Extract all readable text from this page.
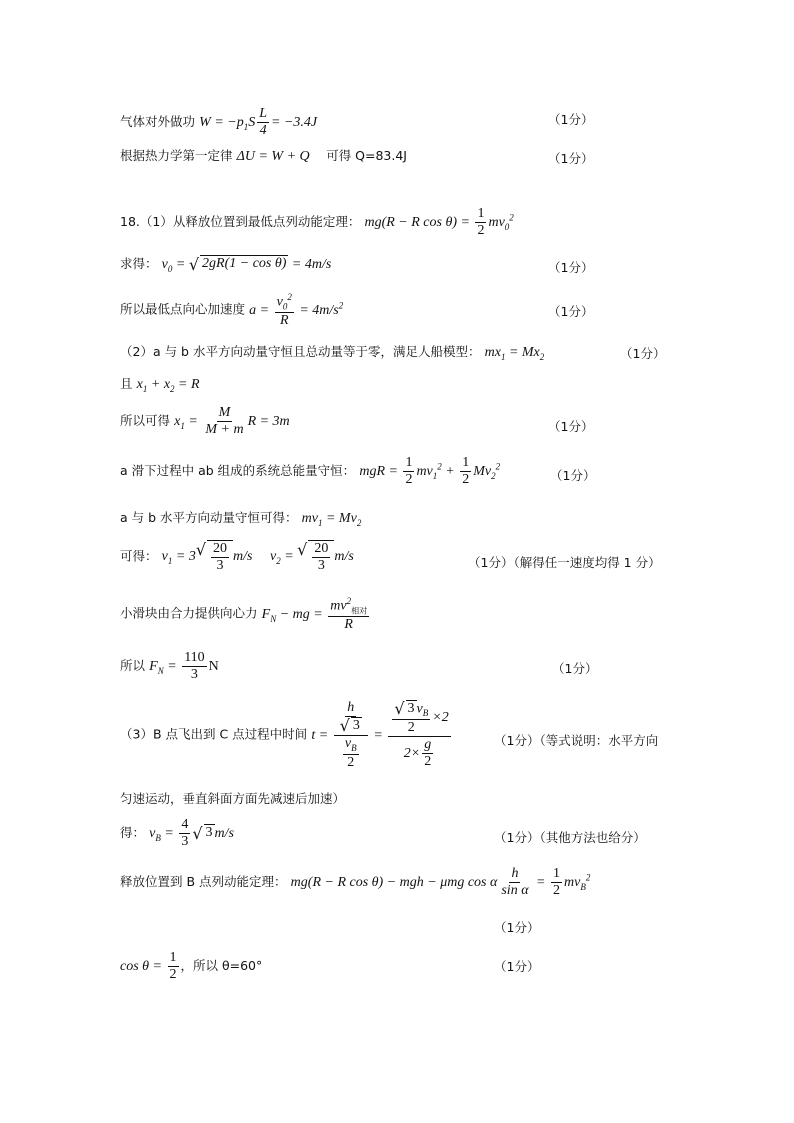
气体对外做功 $W = -p_1S \frac{L}{4} = -3.4J$	（1分）
根据热力学第一定律 ΔU = W + Q 可得 Q=83.4J	（1分）
18.（1）从释放位置到最低点列动能定理： mg(R − R $\cos \theta) = \frac{1}{2} mv_0^2$
求得： $v_0$ = √ 2gR(1 − cos θ) = 4m/s	（1分）
所以最低点向心加速度 $a = \frac{v_0^2}{R} = 4m/s^2$	（1分）
（2）a 与 b 水平方向动量守恒且总动量等于零，满足人船模型： $mx_1 = Mx_2$	（1分）
且 $x_1 + x_2 = R$
所以可得 $x_1 = \frac{M}{M + m}$ R = 3m	（1分）
a 滑下过程中 ab 组成的系统总能量守恒： mgR = $\frac{1}{2} mv_1^2 + \frac{1}{2} Mv_2^2$
（1分）
a 与 b 水平方向动量守恒可得： $mv_1 = Mv_2$
可得： $v_1 = 3$ √ $\frac{20}{3} m/s$     $v_2$ = √ $\frac{20}{3} m/s$	（1分）（解得任一速度均得 1 分）
小滑块由合力提供向心力 $F_N$ − mg = $\frac{mv^2_{相对}}{R}$
所以 $F_N = \frac{110}{3}$ N	（1分）
（3）B 点飞出到 C 点过程中时间 $t = \frac{\frac{h}{√ 3}}{\frac{v_B}{2}} = \frac{\frac{√ 3 v_B}{2} \times 2}{2\times \frac{g}{2}}$	（1分）（等式说明：水平方向
匀速运动，垂直斜面方面先减速后加速）
得： $v_B = \frac{4}{3}$ √ 3 m/s	（1分）（其他方法也给分）
释放位置到 B 点列动能定理： mg(R − R cos θ) − mgh − μmg cos α $\frac{h}{\text{sin α}} = \frac{1}{2} mv_B^2$
（1分）
$\cos \theta = \frac{1}{2}$ ，所以 θ=60°	（1分）
